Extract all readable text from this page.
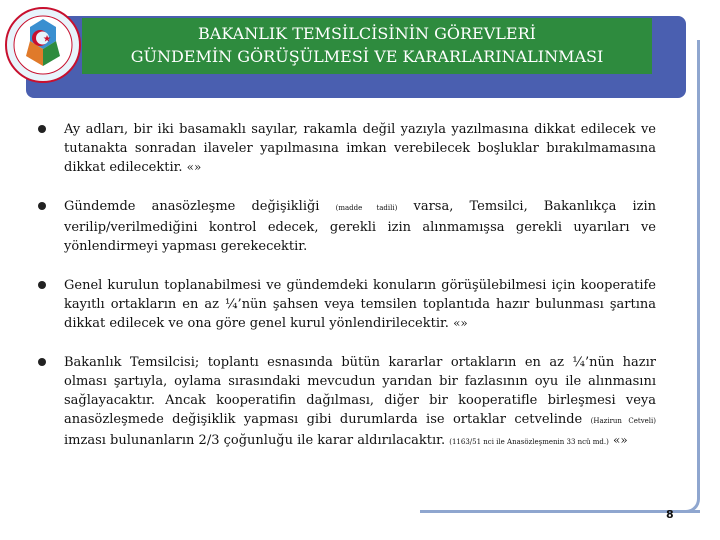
BAKANLIK TEMSİLCİSİNİN GÖREVLERİ
GÜNDEMİN GÖRÜŞÜLMESİ VE KARARLARINALINMASI
Ay adları, bir iki basamaklı sayılar, rakamla değil yazıyla yazılmasına dikkat edilecek ve tutanakta sonradan ilaveler yapılmasına imkan verebilecek boşluklar bırakılmamasına dikkat edilecektir. «»
Gündemde anasözleşme değişikliği (madde tadili) varsa, Temsilci, Bakanlıkça izin verilip/verilmediğini kontrol edecek, gerekli izin alınmamışsa gerekli uyarıları ve yönlendirmeyi yapması gerekecektir.
Genel kurulun toplanabilmesi ve gündemdeki konuların görüşülebilmesi için kooperatife kayıtlı ortakların en az ¼’nün şahsen veya temsilen toplantıda hazır bulunması şartına dikkat edilecek ve ona göre genel kurul yönlendirilecektir. «»
Bakanlık Temsilcisi; toplantı esnasında bütün kararlar ortakların en az ¼’nün hazır olması şartıyla, oylama sırasındaki mevcudun yarıdan bir fazlasının oyu ile alınmasını sağlayacaktır. Ancak kooperatifin dağılması, diğer bir kooperatifle birleşmesi veya anasözleşmede değişiklik yapması gibi durumlarda ise ortaklar cetvelinde (Hazirun Cetveli) imzası bulunanların 2/3 çoğunluğu ile karar aldırılacaktır. (1163/51 nci ile Anasözleşmenin 33 ncü md.) «»
8
